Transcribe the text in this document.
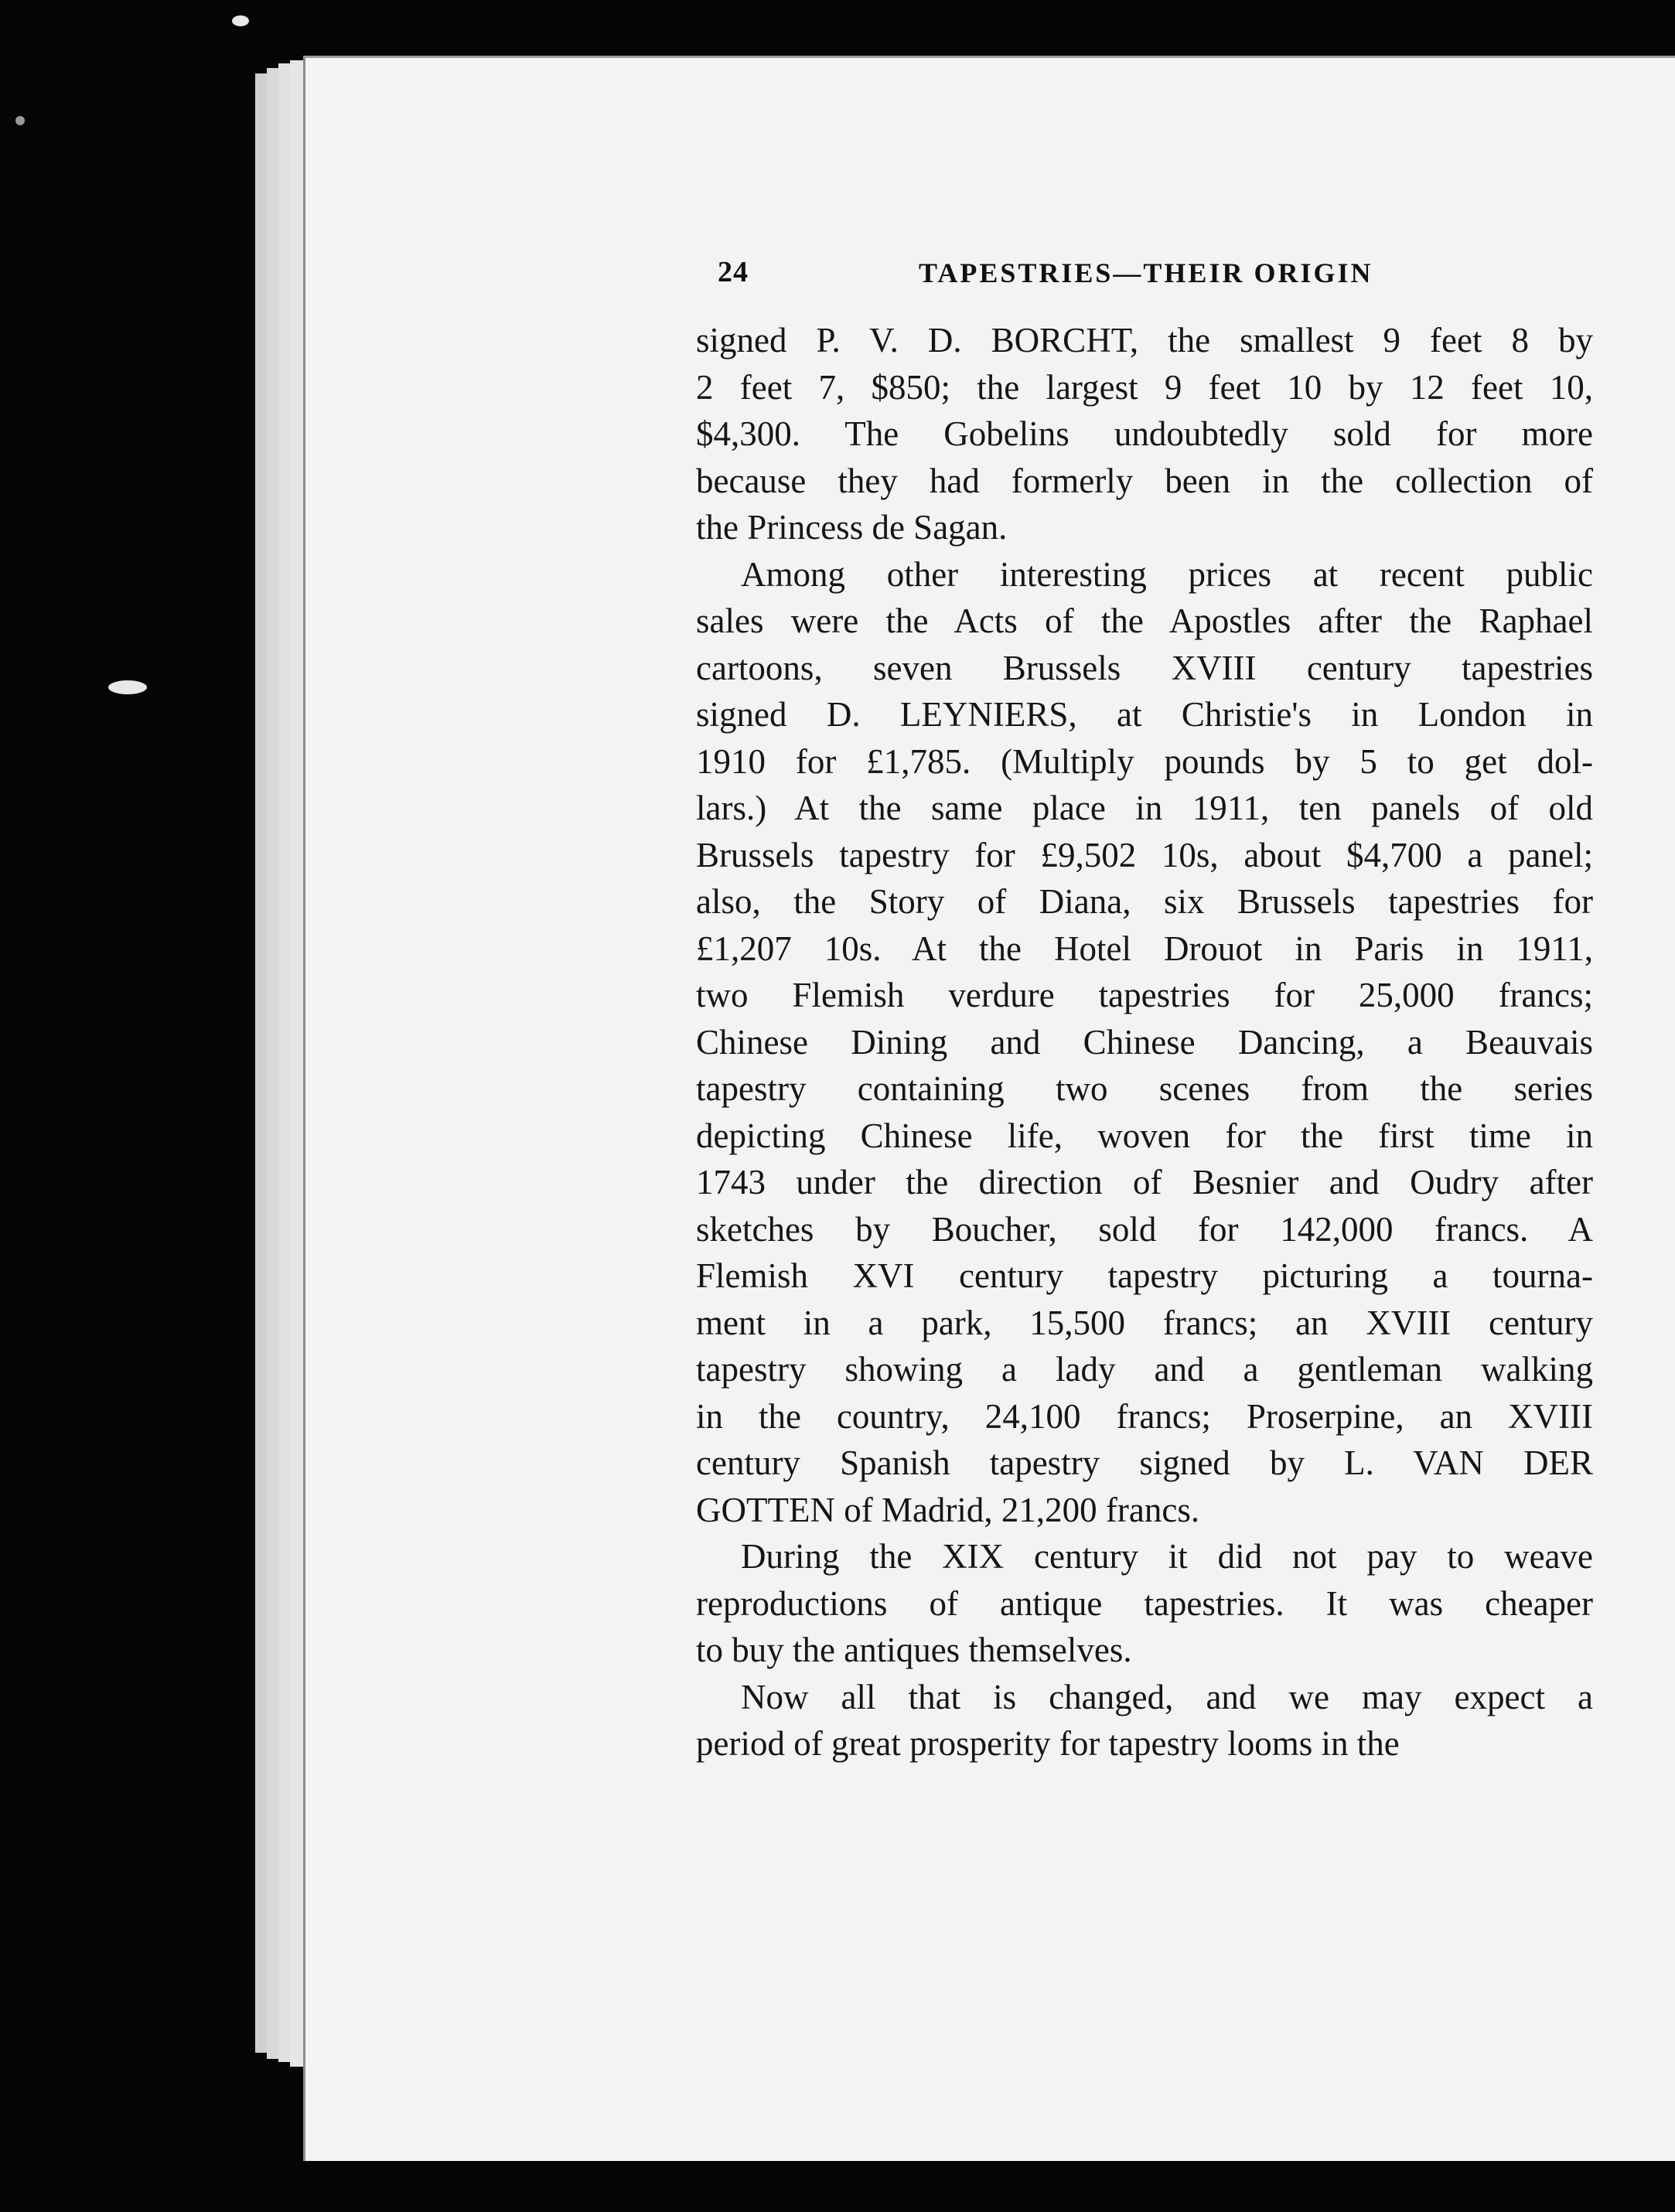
24	TAPESTRIES—THEIR ORIGIN
signed P. V. D. BORCHT, the smallest 9 feet 8 by
2 feet 7, $850; the largest 9 feet 10 by 12 feet 10,
$4,300. The Gobelins undoubtedly sold for more
because they had formerly been in the collection of
the Princess de Sagan.
Among other interesting prices at recent public
sales were the Acts of the Apostles after the Raphael
cartoons, seven Brussels XVIII century tapestries
signed D. LEYNIERS, at Christie's in London in
1910 for £1,785. (Multiply pounds by 5 to get dol-
lars.) At the same place in 1911, ten panels of old
Brussels tapestry for £9,502 10s, about $4,700 a panel;
also, the Story of Diana, six Brussels tapestries for
£1,207 10s. At the Hotel Drouot in Paris in 1911,
two Flemish verdure tapestries for 25,000 francs;
Chinese Dining and Chinese Dancing, a Beauvais
tapestry containing two scenes from the series
depicting Chinese life, woven for the first time in
1743 under the direction of Besnier and Oudry after
sketches by Boucher, sold for 142,000 francs. A
Flemish XVI century tapestry picturing a tourna-
ment in a park, 15,500 francs; an XVIII century
tapestry showing a lady and a gentleman walking
in the country, 24,100 francs; Proserpine, an XVIII
century Spanish tapestry signed by L. VAN DER
GOTTEN of Madrid, 21,200 francs.
During the XIX century it did not pay to weave
reproductions of antique tapestries. It was cheaper
to buy the antiques themselves.
Now all that is changed, and we may expect a
period of great prosperity for tapestry looms in the
